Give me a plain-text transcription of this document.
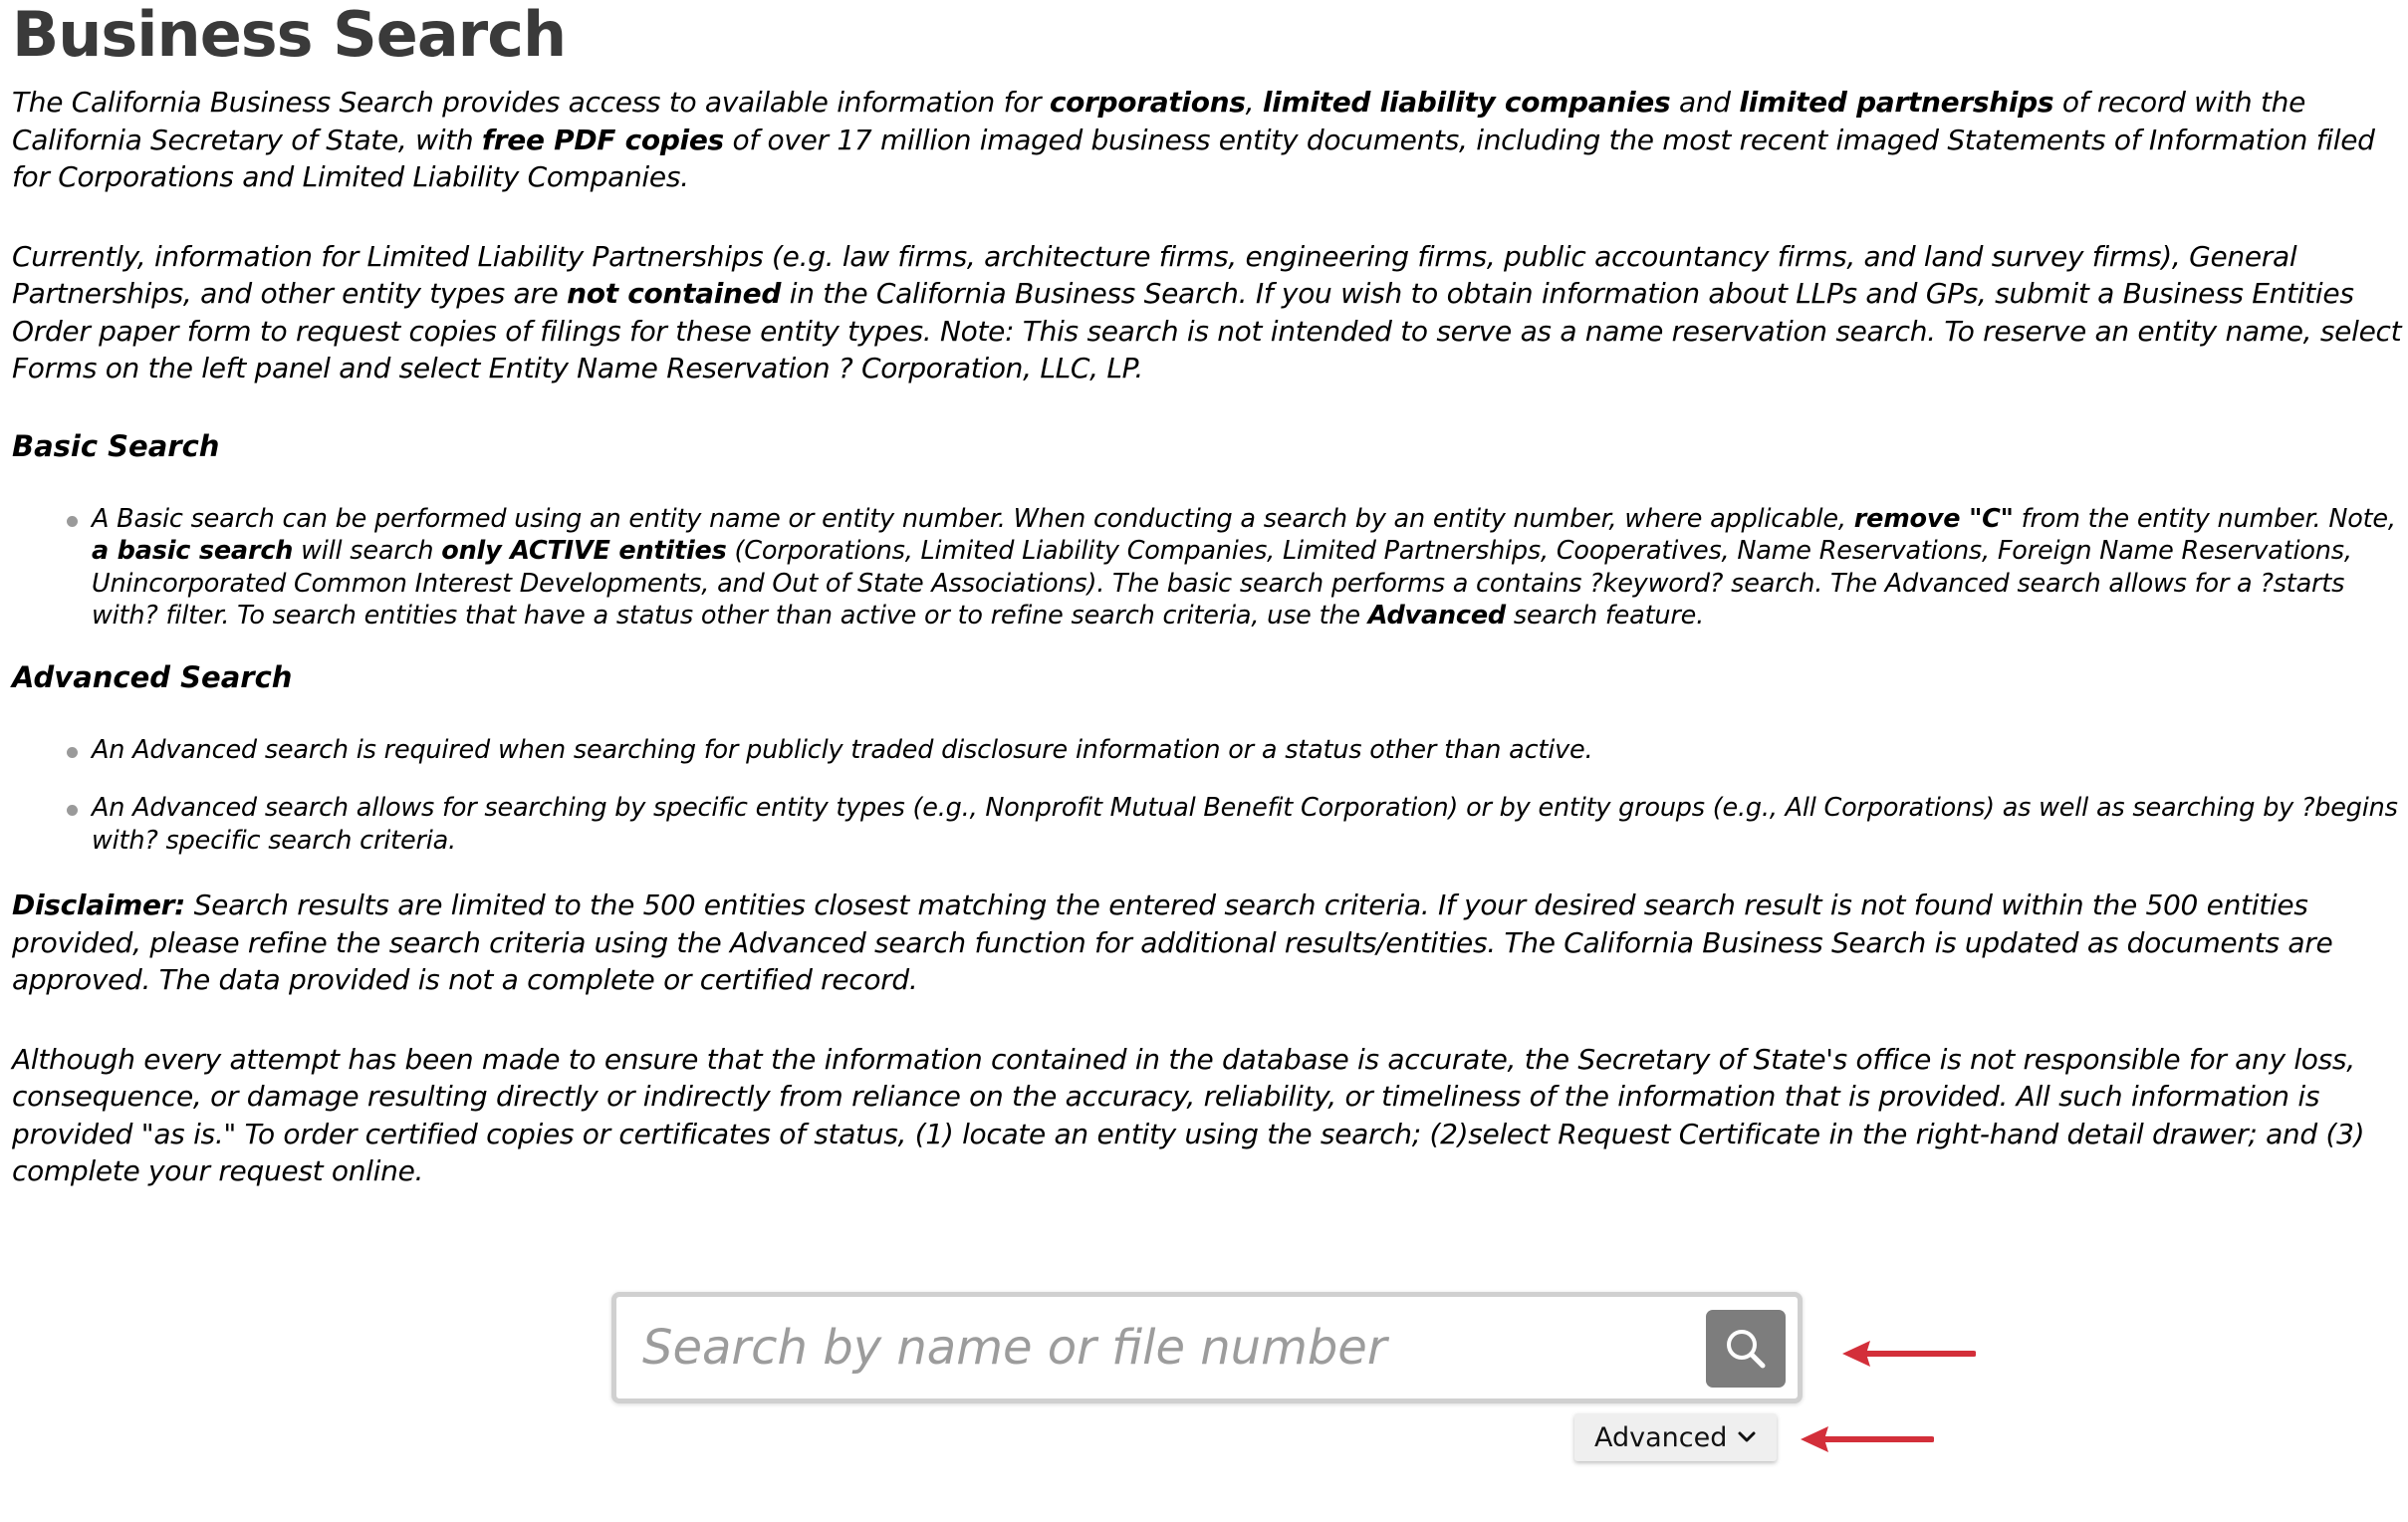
Business Search

The California Business Search provides access to available information for corporations, limited liability companies and limited partnerships of record with the California Secretary of State, with free PDF copies of over 17 million imaged business entity documents, including the most recent imaged Statements of Information filed for Corporations and Limited Liability Companies.

Currently, information for Limited Liability Partnerships (e.g. law firms, architecture firms, engineering firms, public accountancy firms, and land survey firms), General Partnerships, and other entity types are not contained in the California Business Search. If you wish to obtain information about LLPs and GPs, submit a Business Entities Order paper form to request copies of filings for these entity types. Note: This search is not intended to serve as a name reservation search. To reserve an entity name, select Forms on the left panel and select Entity Name Reservation ? Corporation, LLC, LP.

Basic Search
A Basic search can be performed using an entity name or entity number. When conducting a search by an entity number, where applicable, remove "C" from the entity number. Note, a basic search will search only ACTIVE entities (Corporations, Limited Liability Companies, Limited Partnerships, Cooperatives, Name Reservations, Foreign Name Reservations, Unincorporated Common Interest Developments, and Out of State Associations). The basic search performs a contains ?keyword? search. The Advanced search allows for a ?starts with? filter. To search entities that have a status other than active or to refine search criteria, use the Advanced search feature.
Advanced Search
An Advanced search is required when searching for publicly traded disclosure information or a status other than active.
An Advanced search allows for searching by specific entity types (e.g., Nonprofit Mutual Benefit Corporation) or by entity groups (e.g., All Corporations) as well as searching by ?begins with? specific search criteria.

Disclaimer: Search results are limited to the 500 entities closest matching the entered search criteria. If your desired search result is not found within the 500 entities provided, please refine the search criteria using the Advanced search function for additional results/entities. The California Business Search is updated as documents are approved. The data provided is not a complete or certified record.

Although every attempt has been made to ensure that the information contained in the database is accurate, the Secretary of State's office is not responsible for any loss, consequence, or damage resulting directly or indirectly from reliance on the accuracy, reliability, or timeliness of the information that is provided. All such information is provided "as is." To order certified copies or certificates of status, (1) locate an entity using the search; (2)select Request Certificate in the right-hand detail drawer; and (3) complete your request online.

Search by name or file number
Advanced
